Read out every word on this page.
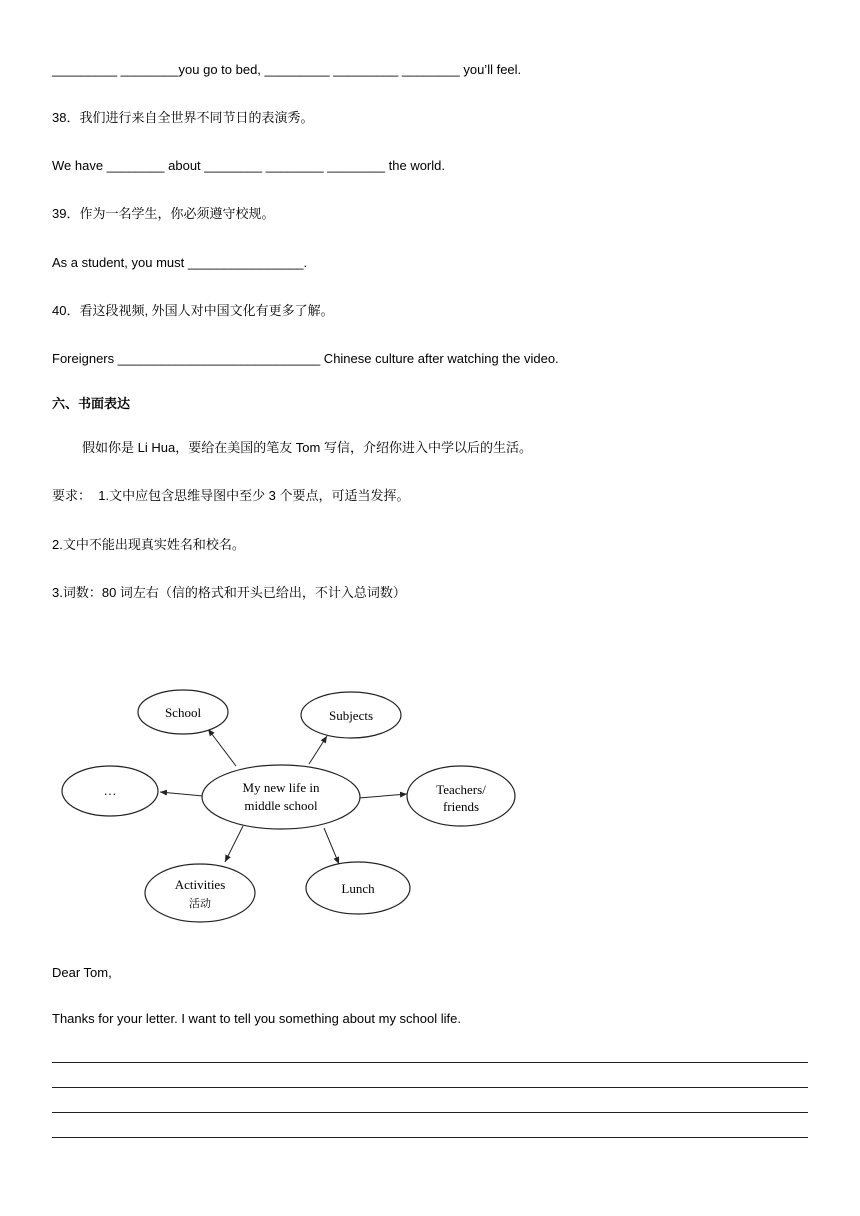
_________ ________you go to bed, _________ _________ ________ you’ll feel.
38．我们进行来自全世界不同节日的表演秀。
We have ________ about ________ ________ ________ the world.
39．作为一名学生，你必须遵守校规。
As a student, you must ________________.
40．看这段视频, 外国人对中国文化有更多了解。
Foreigners ____________________________ Chinese culture after watching the video.
六、书面表达
假如你是 Li Hua，要给在美国的笔友 Tom 写信，介绍你进入中学以后的生活。
要求：  1.文中应包含思维导图中至少 3 个要点，可适当发挥。
2.文中不能出现真实姓名和校名。
3.词数：80 词左右（信的格式和开头已给出，不计入总词数）
My new life in
middle school
School	Subjects
Teachers/
friends
…
Activities
活动
Lunch
Dear Tom,
Thanks for your letter. I want to tell you something about my school life.
